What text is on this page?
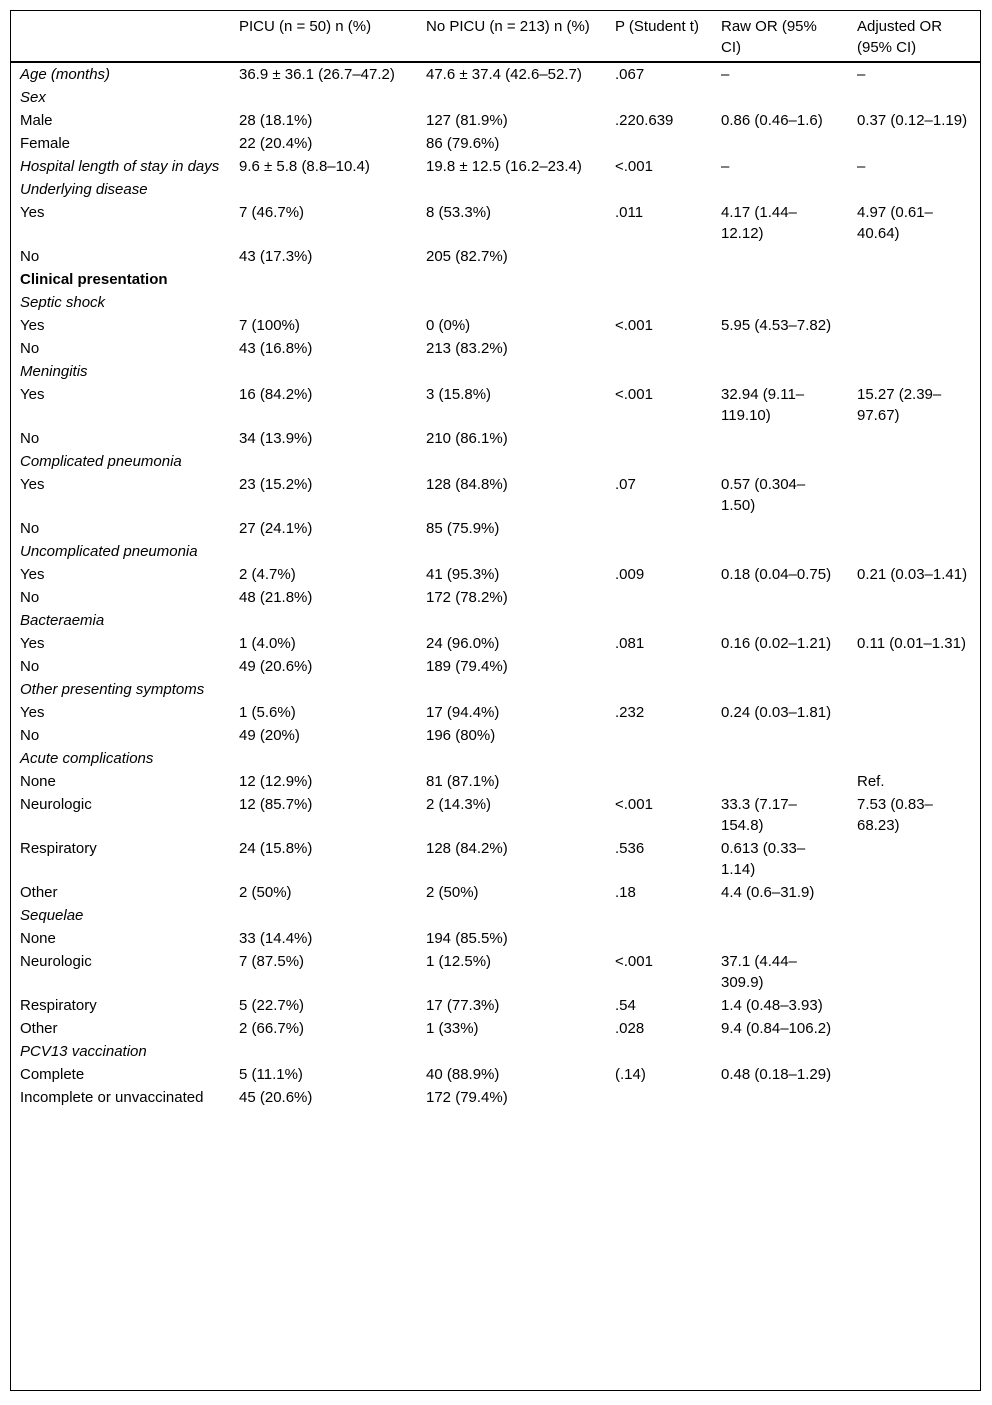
	PICU (n = 50) n (%)	No PICU (n = 213) n (%)	P (Student t)	Raw OR (95% CI)	Adjusted OR (95% CI)
Age (months)	36.9 ± 36.1 (26.7–47.2)	47.6 ± 37.4 (42.6–52.7)	.067	–	–
Sex					
Male	28 (18.1%)	127 (81.9%)	.220.639	0.86 (0.46–1.6)	0.37 (0.12–1.19)
Female	22 (20.4%)	86 (79.6%)			
Hospital length of stay in days	9.6 ± 5.8 (8.8–10.4)	19.8 ± 12.5 (16.2–23.4)	<.001	–	–
Underlying disease					
Yes	7 (46.7%)	8 (53.3%)	.011	4.17 (1.44–12.12)	4.97 (0.61–40.64)
No	43 (17.3%)	205 (82.7%)			
Clinical presentation					
Septic shock					
Yes	7 (100%)	0 (0%)	<.001	5.95 (4.53–7.82)	
No	43 (16.8%)	213 (83.2%)			
Meningitis					
Yes	16 (84.2%)	3 (15.8%)	<.001	32.94 (9.11–119.10)	15.27 (2.39–97.67)
No	34 (13.9%)	210 (86.1%)			
Complicated pneumonia					
Yes	23 (15.2%)	128 (84.8%)	.07	0.57 (0.304–1.50)	
No	27 (24.1%)	85 (75.9%)			
Uncomplicated pneumonia					
Yes	2 (4.7%)	41 (95.3%)	.009	0.18 (0.04–0.75)	0.21 (0.03–1.41)
No	48 (21.8%)	172 (78.2%)			
Bacteraemia					
Yes	1 (4.0%)	24 (96.0%)	.081	0.16 (0.02–1.21)	0.11 (0.01–1.31)
No	49 (20.6%)	189 (79.4%)			
Other presenting symptoms					
Yes	1 (5.6%)	17 (94.4%)	.232	0.24 (0.03–1.81)	
No	49 (20%)	196 (80%)			
Acute complications					
None	12 (12.9%)	81 (87.1%)			Ref.
Neurologic	12 (85.7%)	2 (14.3%)	<.001	33.3 (7.17–154.8)	7.53 (0.83–68.23)
Respiratory	24 (15.8%)	128 (84.2%)	.536	0.613 (0.33–1.14)	
Other	2 (50%)	2 (50%)	.18	4.4 (0.6–31.9)	
Sequelae					
None	33 (14.4%)	194 (85.5%)			
Neurologic	7 (87.5%)	1 (12.5%)	<.001	37.1 (4.44–309.9)	
Respiratory	5 (22.7%)	17 (77.3%)	.54	1.4 (0.48–3.93)	
Other	2 (66.7%)	1 (33%)	.028	9.4 (0.84–106.2)	
PCV13 vaccination					
Complete	5 (11.1%)	40 (88.9%)	(.14)	0.48 (0.18–1.29)	
Incomplete or unvaccinated	45 (20.6%)	172 (79.4%)			
